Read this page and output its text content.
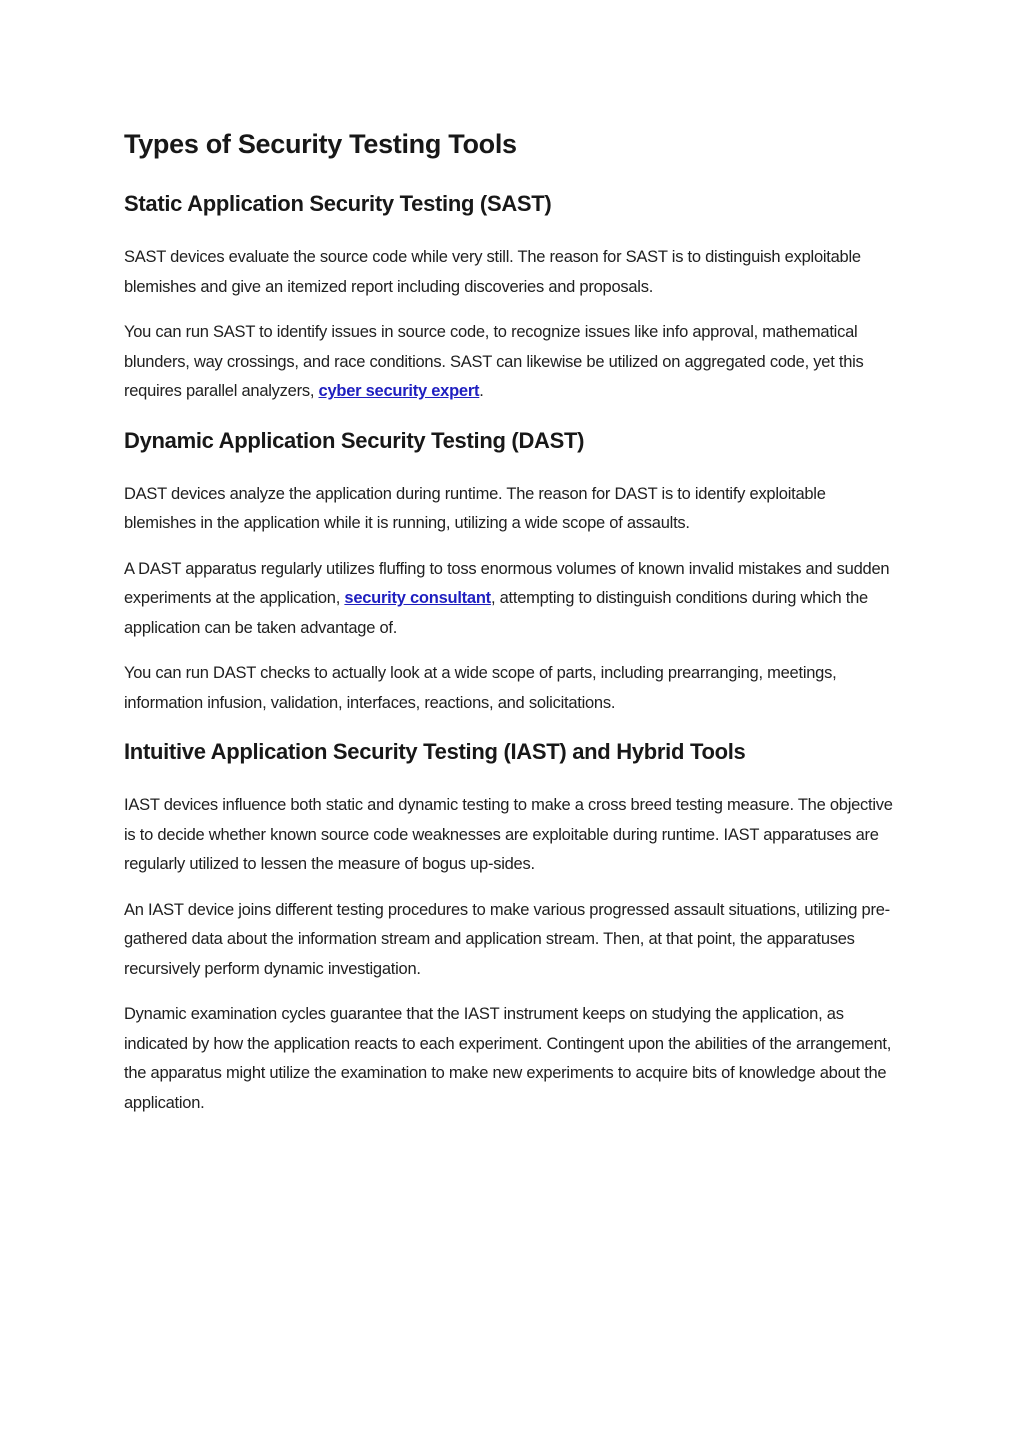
Types of Security Testing Tools
Static Application Security Testing (SAST)

SAST devices evaluate the source code while very still. The reason for SAST is to distinguish exploitable blemishes and give an itemized report including discoveries and proposals.

You can run SAST to identify issues in source code, to recognize issues like info approval, mathematical blunders, way crossings, and race conditions. SAST can likewise be utilized on aggregated code, yet this requires parallel analyzers, cyber security expert.

Dynamic Application Security Testing (DAST)

DAST devices analyze the application during runtime. The reason for DAST is to identify exploitable blemishes in the application while it is running, utilizing a wide scope of assaults.

A DAST apparatus regularly utilizes fluffing to toss enormous volumes of known invalid mistakes and sudden experiments at the application, security consultant, attempting to distinguish conditions during which the application can be taken advantage of.

You can run DAST checks to actually look at a wide scope of parts, including prearranging, meetings, information infusion, validation, interfaces, reactions, and solicitations.

Intuitive Application Security Testing (IAST) and Hybrid Tools

IAST devices influence both static and dynamic testing to make a cross breed testing measure. The objective is to decide whether known source code weaknesses are exploitable during runtime. IAST apparatuses are regularly utilized to lessen the measure of bogus up-sides.

An IAST device joins different testing procedures to make various progressed assault situations, utilizing pre-gathered data about the information stream and application stream. Then, at that point, the apparatuses recursively perform dynamic investigation.

Dynamic examination cycles guarantee that the IAST instrument keeps on studying the application, as indicated by how the application reacts to each experiment. Contingent upon the abilities of the arrangement, the apparatus might utilize the examination to make new experiments to acquire bits of knowledge about the application.
